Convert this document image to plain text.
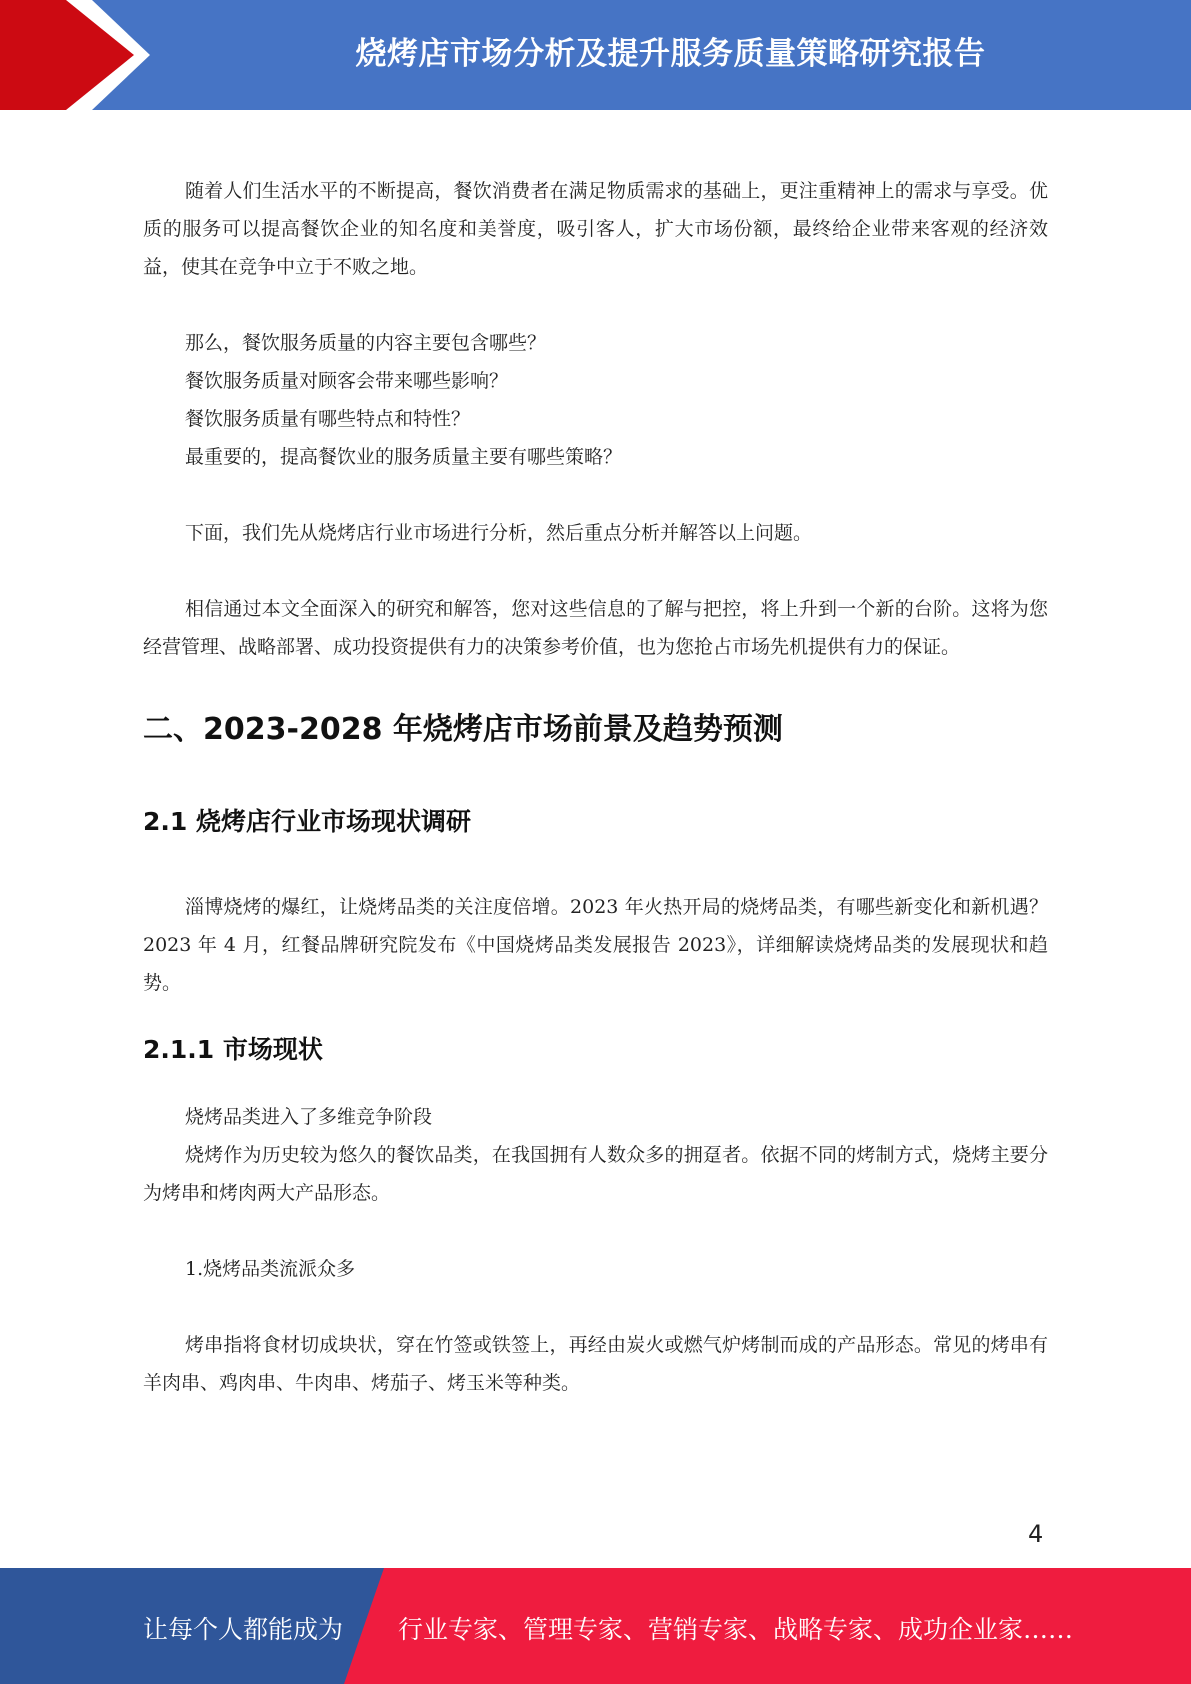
烧烤店市场分析及提升服务质量策略研究报告

随着人们生活水平的不断提高，餐饮消费者在满足物质需求的基础上，更注重精神上的需求与享受。优质的服务可以提高餐饮企业的知名度和美誉度，吸引客人，扩大市场份额，最终给企业带来客观的经济效益，使其在竞争中立于不败之地。

那么，餐饮服务质量的内容主要包含哪些？

餐饮服务质量对顾客会带来哪些影响？

餐饮服务质量有哪些特点和特性？

最重要的，提高餐饮业的服务质量主要有哪些策略？

下面，我们先从烧烤店行业市场进行分析，然后重点分析并解答以上问题。

相信通过本文全面深入的研究和解答，您对这些信息的了解与把控，将上升到一个新的台阶。这将为您经营管理、战略部署、成功投资提供有力的决策参考价值，也为您抢占市场先机提供有力的保证。

二、2023-2028 年烧烤店市场前景及趋势预测
2.1 烧烤店行业市场现状调研

淄博烧烤的爆红，让烧烤品类的关注度倍增。2023 年火热开局的烧烤品类，有哪些新变化和新机遇？2023 年 4 月，红餐品牌研究院发布《中国烧烤品类发展报告 2023》，详细解读烧烤品类的发展现状和趋势。

2.1.1 市场现状

烧烤品类进入了多维竞争阶段

烧烤作为历史较为悠久的餐饮品类，在我国拥有人数众多的拥趸者。依据不同的烤制方式，烧烤主要分为烤串和烤肉两大产品形态。

1.烧烤品类流派众多

烤串指将食材切成块状，穿在竹签或铁签上，再经由炭火或燃气炉烤制而成的产品形态。常见的烤串有羊肉串、鸡肉串、牛肉串、烤茄子、烤玉米等种类。

4
让每个人都能成为 行业专家、管理专家、营销专家、战略专家、成功企业家……
